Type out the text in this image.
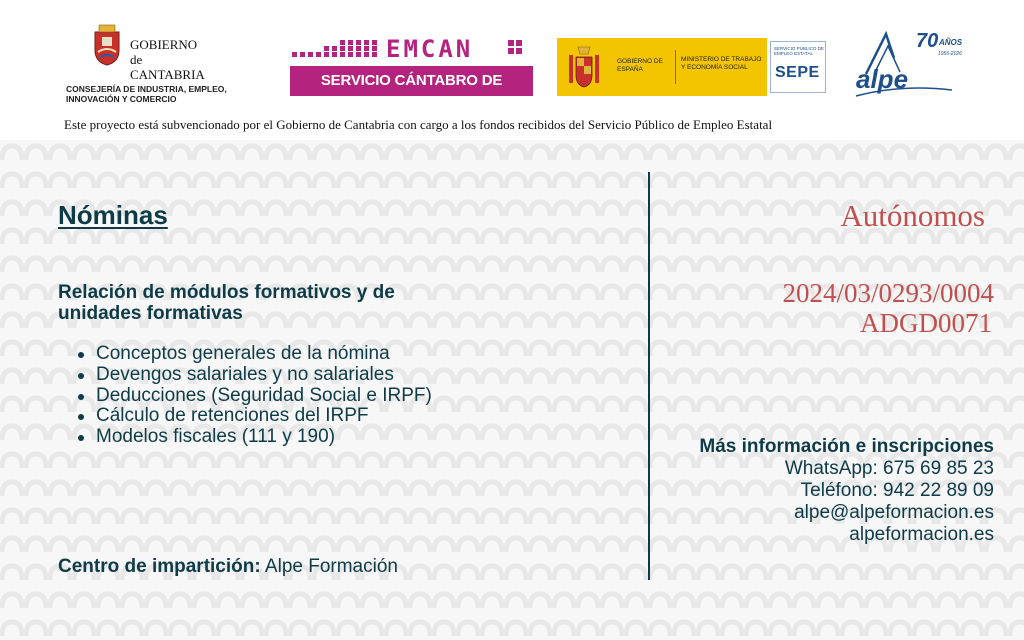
GOBIERNO
de
CANTABRIA
CONSEJERÍA DE INDUSTRIA, EMPLEO, INNOVACIÓN Y COMERCIO
EMCAN
SERVICIO CÁNTABRO DE EMPLEO
GOBIERNO DE ESPAÑA
MINISTERIO DE TRABAJO Y ECONOMÍA SOCIAL
SERVICIO PÚBLICO DE EMPLEO ESTATAL
SEPE alpe
70 AÑOS
1956-2026
Este proyecto está subvencionado por el Gobierno de Cantabria con cargo a los fondos recibidos del Servicio Público de Empleo Estatal
Nóminas
Relación de módulos formativos y de unidades formativas
Conceptos generales de la nómina
Devengos salariales y no salariales
Deducciones (Seguridad Social e IRPF)
Cálculo de retenciones del IRPF
Modelos fiscales (111 y 190)
Centro de impartición: Alpe Formación
Autónomos
2024/03/0293/0004
ADGD0071
Más información e inscripciones
WhatsApp: 675 69 85 23
Teléfono: 942 22 89 09
alpe@alpeformacion.es
alpeformacion.es
